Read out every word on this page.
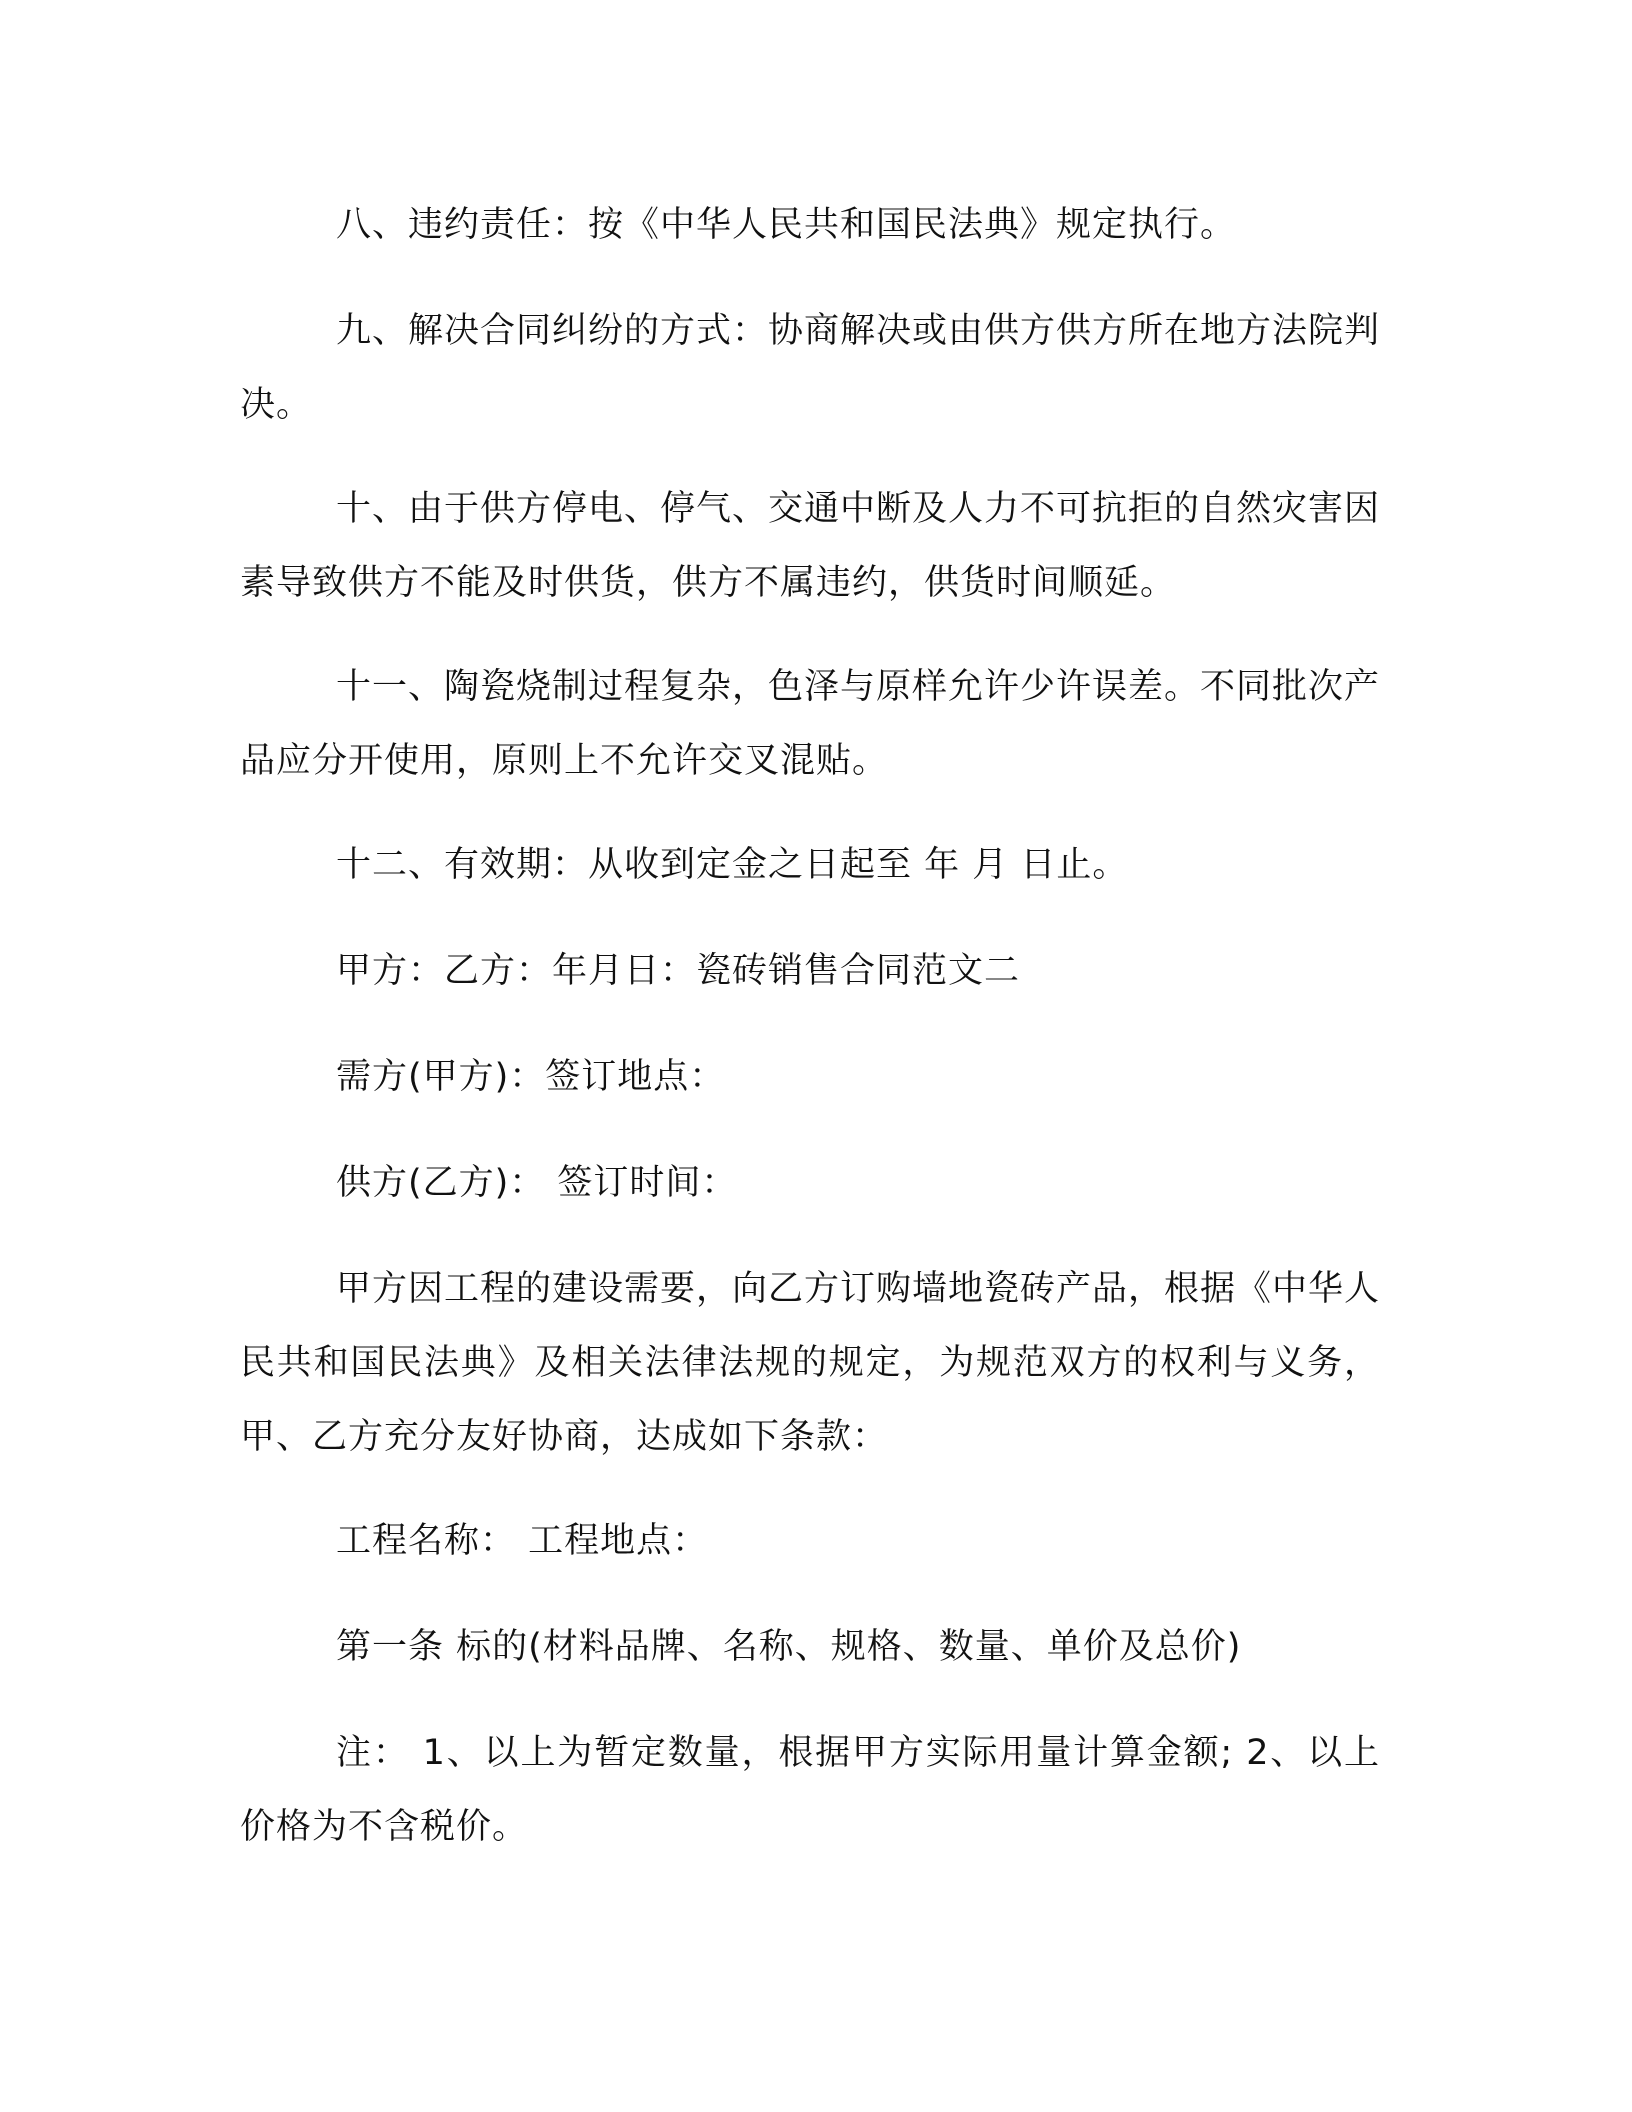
八、违约责任：按《中华人民共和国民法典》规定执行。

九、解决合同纠纷的方式：协商解决或由供方供方所在地方法院判决。

十、由于供方停电、停气、交通中断及人力不可抗拒的自然灾害因素导致供方不能及时供货，供方不属违约，供货时间顺延。

十一、陶瓷烧制过程复杂，色泽与原样允许少许误差。不同批次产品应分开使用，原则上不允许交叉混贴。

十二、有效期：从收到定金之日起至 年 月 日止。

甲方：乙方：年月日：瓷砖销售合同范文二

需方(甲方)：签订地点：

供方(乙方)： 签订时间：

甲方因工程的建设需要，向乙方订购墙地瓷砖产品，根据《中华人民共和国民法典》及相关法律法规的规定，为规范双方的权利与义务，甲、乙方充分友好协商，达成如下条款：

工程名称： 工程地点：

第一条 标的(材料品牌、名称、规格、数量、单价及总价)

注： 1、以上为暂定数量，根据甲方实际用量计算金额; 2、以上价格为不含税价。
